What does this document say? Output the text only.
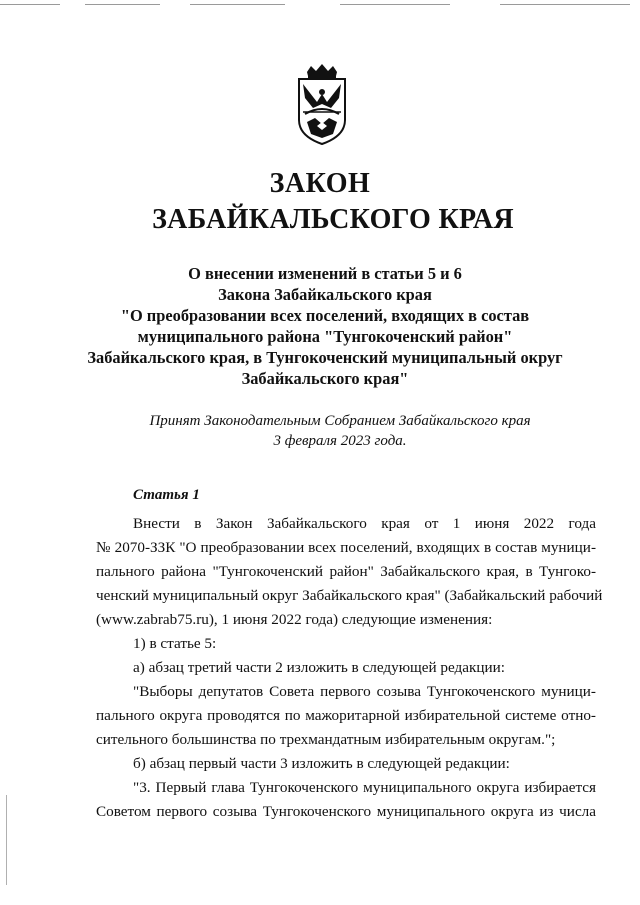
ЗАКОН
ЗАБАЙКАЛЬСКОГО КРАЯ
О внесении изменений в статьи 5 и 6
Закона Забайкальского края
"О преобразовании всех поселений, входящих в состав
муниципального района "Тунгокоченский район"
Забайкальского края, в Тунгокоченский муниципальный округ
Забайкальского края"
Принят Законодательным Собранием Забайкальского края
3 февраля 2023 года.
Статья 1
Внести в Закон Забайкальского края от 1 июня 2022 года
№ 2070-ЗЗК "О преобразовании всех поселений, входящих в состав муници-
пального района "Тунгокоченский район" Забайкальского края, в Тунгоко-
ченский муниципальный округ Забайкальского края" (Забайкальский рабочий
(www.zabrab75.ru), 1 июня 2022 года) следующие изменения:
1) в статье 5:
а) абзац третий части 2 изложить в следующей редакции:
"Выборы депутатов Совета первого созыва Тунгокоченского муници-
пального округа проводятся по мажоритарной избирательной системе отно-
сительного большинства по трехмандатным избирательным округам.";
б) абзац первый части 3 изложить в следующей редакции:
"3. Первый глава Тунгокоченского муниципального округа избирается
Советом первого созыва Тунгокоченского муниципального округа из числа
